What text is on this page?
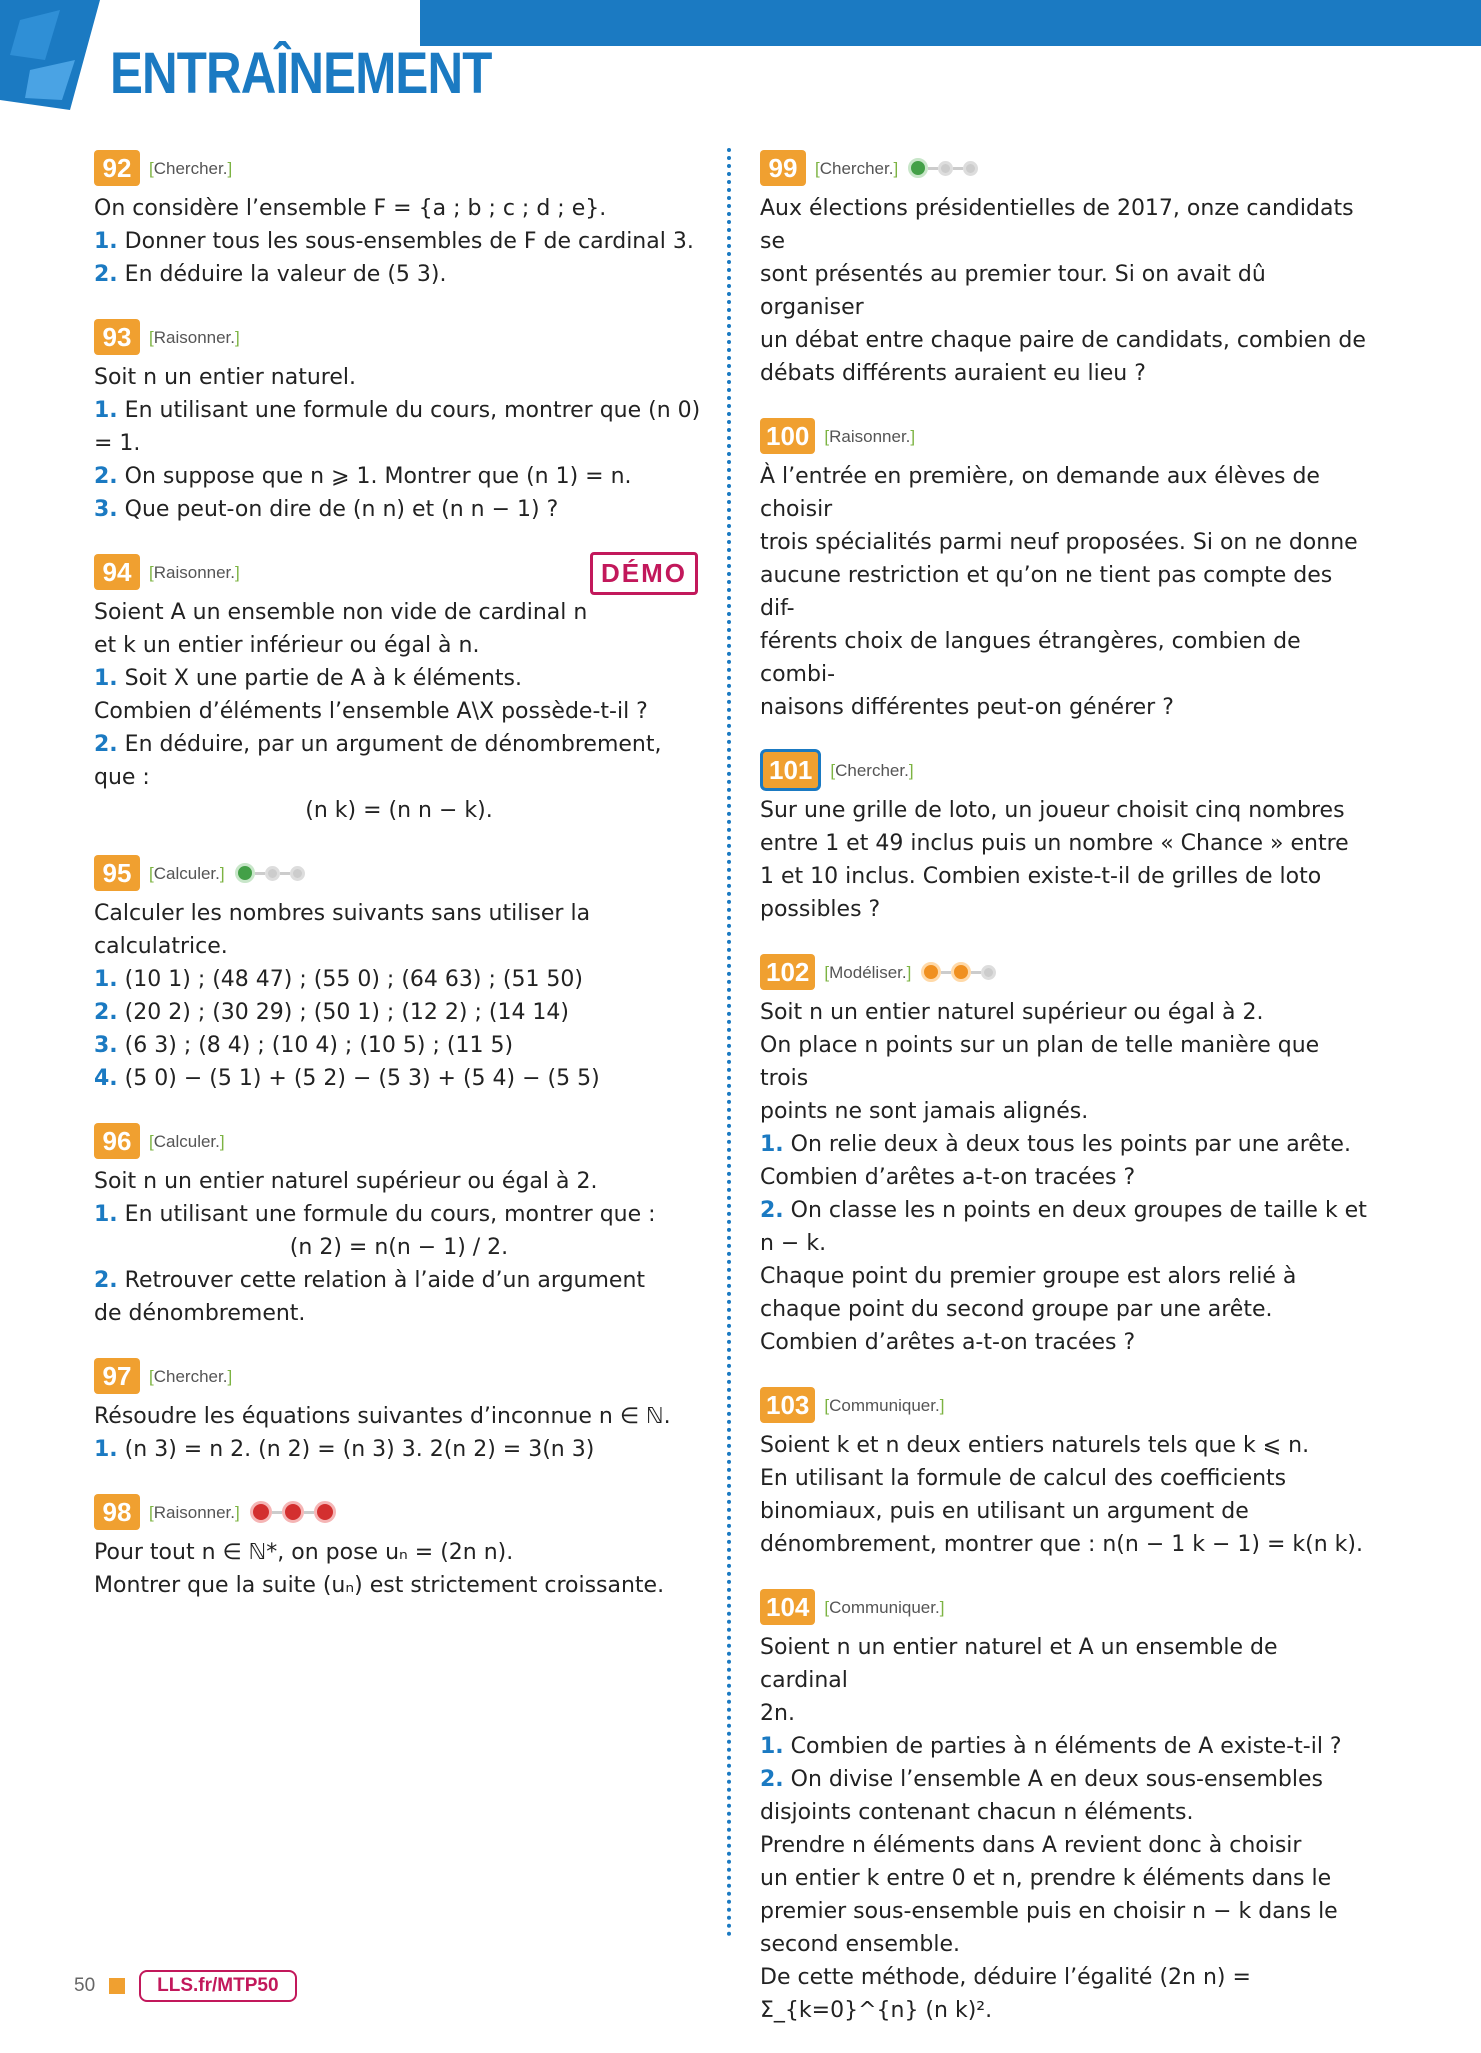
ENTRAÎNEMENT
92	[Chercher.]

On considère l’ensemble F = {a ; b ; c ; d ; e}.

1. Donner tous les sous-ensembles de F de cardinal 3.

2. En déduire la valeur de (5 3).

93	[Raisonner.]

Soit n un entier naturel.

1. En utilisant une formule du cours, montrer que (n 0) = 1.

2. On suppose que n ⩾ 1. Montrer que (n 1) = n.

3. Que peut-on dire de (n n) et (n n − 1) ?

94	[Raisonner.]	DÉMO

Soient A un ensemble non vide de cardinal n

et k un entier inférieur ou égal à n.

1. Soit X une partie de A à k éléments.

Combien d’éléments l’ensemble A\X possède-t-il ?

2. En déduire, par un argument de dénombrement, que :

(n k) = (n n − k).

95	[Calculer.]

Calculer les nombres suivants sans utiliser la calculatrice.

1. (10 1) ; (48 47) ; (55 0) ; (64 63) ; (51 50)

2. (20 2) ; (30 29) ; (50 1) ; (12 2) ; (14 14)

3. (6 3) ; (8 4) ; (10 4) ; (10 5) ; (11 5)

4. (5 0) − (5 1) + (5 2) − (5 3) + (5 4) − (5 5)

96	[Calculer.]

Soit n un entier naturel supérieur ou égal à 2.

1. En utilisant une formule du cours, montrer que :

(n 2) = n(n − 1) / 2.

2. Retrouver cette relation à l’aide d’un argument

de dénombrement.

97	[Chercher.]

Résoudre les équations suivantes d’inconnue n ∈ ℕ.

1. (n 3) = n 2. (n 2) = (n 3) 3. 2(n 2) = 3(n 3)

98	[Raisonner.]

Pour tout n ∈ ℕ*, on pose uₙ = (2n n).

Montrer que la suite (uₙ) est strictement croissante.

99	[Chercher.]

Aux élections présidentielles de 2017, onze candidats se

sont présentés au premier tour. Si on avait dû organiser

un débat entre chaque paire de candidats, combien de

débats différents auraient eu lieu ?

100 [Raisonner.]

À l’entrée en première, on demande aux élèves de choisir

trois spécialités parmi neuf proposées. Si on ne donne

aucune restriction et qu’on ne tient pas compte des dif-

férents choix de langues étrangères, combien de combi-

naisons différentes peut-on générer ?

101	[Chercher.]

Sur une grille de loto, un joueur choisit cinq nombres

entre 1 et 49 inclus puis un nombre « Chance » entre

1 et 10 inclus. Combien existe-t-il de grilles de loto

possibles ?

102 [Modéliser.]

Soit n un entier naturel supérieur ou égal à 2.

On place n points sur un plan de telle manière que trois

points ne sont jamais alignés.

1. On relie deux à deux tous les points par une arête.

Combien d’arêtes a-t-on tracées ?

2. On classe les n points en deux groupes de taille k et

n − k.

Chaque point du premier groupe est alors relié à

chaque point du second groupe par une arête.

Combien d’arêtes a-t-on tracées ?

103 [Communiquer.]

Soient k et n deux entiers naturels tels que k ⩽ n.

En utilisant la formule de calcul des coefficients

binomiaux, puis en utilisant un argument de

dénombrement, montrer que : n(n − 1 k − 1) = k(n k).

104 [Communiquer.]

Soient n un entier naturel et A un ensemble de cardinal

2n.

1. Combien de parties à n éléments de A existe-t-il ?

2. On divise l’ensemble A en deux sous-ensembles

disjoints contenant chacun n éléments.

Prendre n éléments dans A revient donc à choisir

un entier k entre 0 et n, prendre k éléments dans le

premier sous-ensemble puis en choisir n − k dans le

second ensemble.

De cette méthode, déduire l’égalité (2n n) = Σ_{k=0}^{n} (n k)².

50	LLS.fr/MTP50
